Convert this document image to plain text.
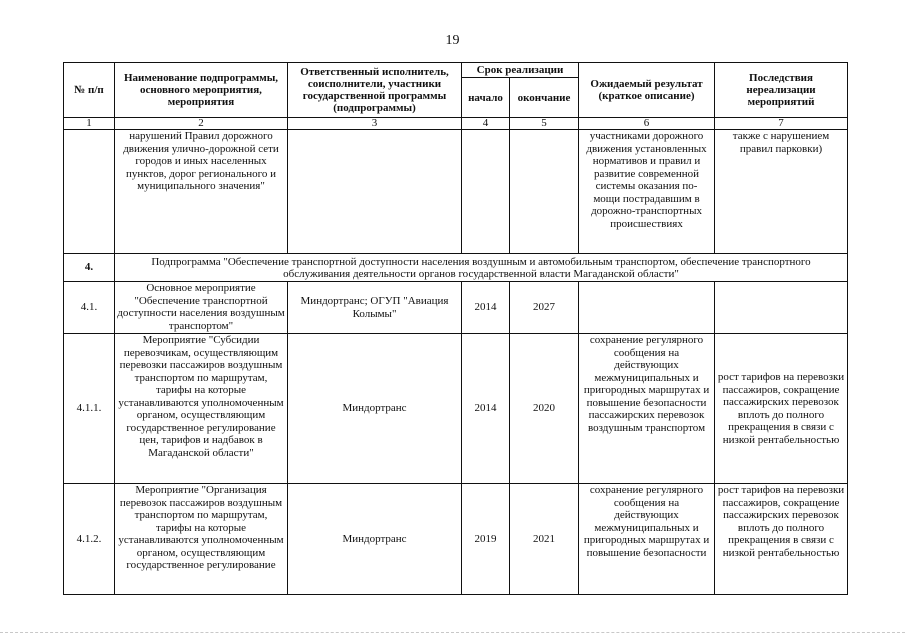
19
№ п/п	Наименование подпрограммы, основного мероприятия, мероприятия	Ответственный исполнитель, соисполнители, участники государственной программы (подпрограммы)	Срок реализации		Ожидаемый результат (краткое описание)	Последствия нереализации мероприятий
			начало	окончание		
1	2	3	4	5	6	7
	нарушений Правил дорожного движения улично-дорожной сети городов и иных населенных пунктов, дорог регионального и муниципального значения"				участниками дорожного движения установленных нормативов и правил и развитие современной системы оказания по- мощи пострадавшим в дорожно-транспортных происшествиях	также с нарушением правил парковки)
4.	Подпрограмма "Обеспечение транспортной доступности населения воздушным и автомобильным транспортом, обеспечение транспортного обслуживания деятельности органов государственной власти Магаданской области"					
4.1.	Основное мероприятие "Обеспечение транспортной доступности населения воздушным транспортом"	Миндортранс; ОГУП "Авиация Колымы"	2014	2027		
4.1.1.	Мероприятие "Субсидии перевозчикам, осуществляющим перевозки пассажиров воздушным транспортом по маршрутам, тарифы на которые устанавливаются уполномоченным органом, осуществляющим государственное регулирование цен, тарифов и надбавок в Магаданской области"	Миндортранс	2014	2020	сохранение регулярного сообщения на действующих межмуниципальных и пригородных маршрутах и повышение безопасности пассажирских перевозок воздушным транспортом	рост тарифов на перевозки пассажиров, сокращение пассажирских перевозок вплоть до полного прекращения в связи с низкой рентабельностью
4.1.2.	Мероприятие "Организация перевозок пассажиров воздушным транспортом по маршрутам, тарифы на которые устанавливаются уполномоченным органом, осуществляющим государственное регулирование	Миндортранс	2019	2021	сохранение регулярного сообщения на действующих межмуниципальных и пригородных маршрутах и повышение безопасности	рост тарифов на перевозки пассажиров, сокращение пассажирских перевозок вплоть до полного прекращения в связи с низкой рентабельностью
